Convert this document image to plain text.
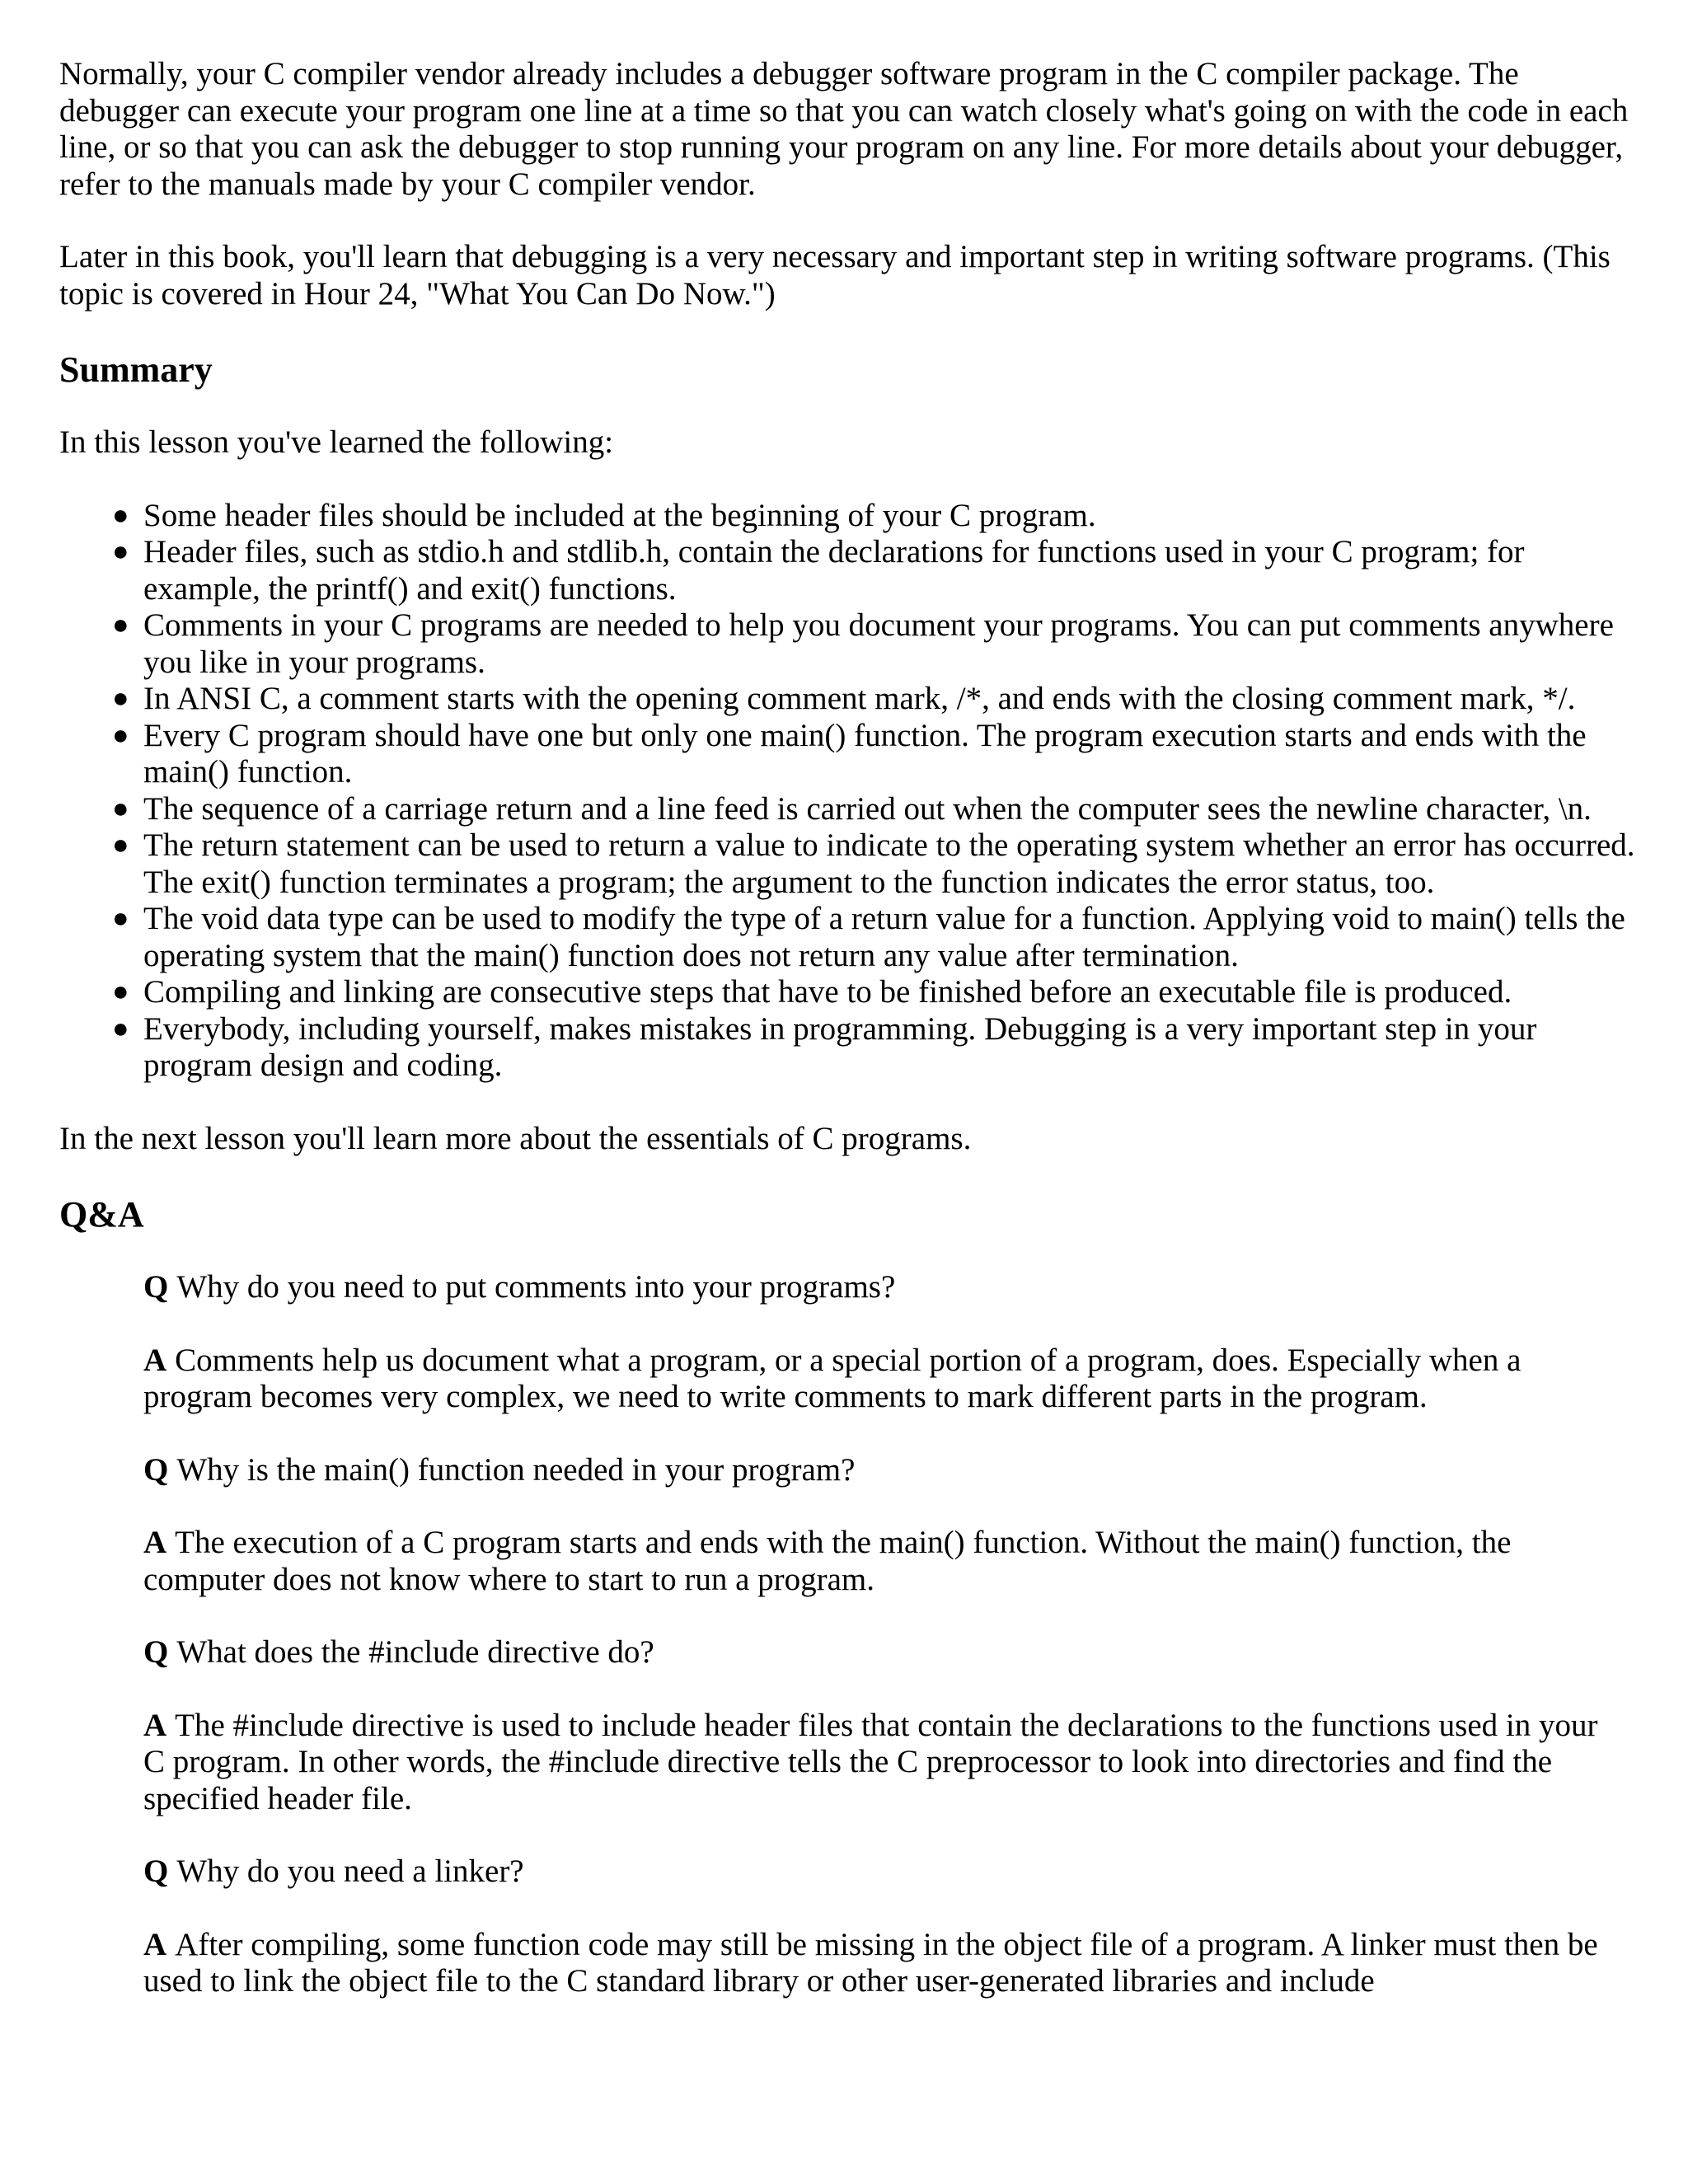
Normally, your C compiler vendor already includes a debugger software program in the C compiler package. The debugger can execute your program one line at a time so that you can watch closely what's going on with the code in each line, or so that you can ask the debugger to stop running your program on any line. For more details about your debugger, refer to the manuals made by your C compiler vendor.

Later in this book, you'll learn that debugging is a very necessary and important step in writing software programs. (This topic is covered in Hour 24, "What You Can Do Now.")

Summary

In this lesson you've learned the following:

● Some header files should be included at the beginning of your C program.
● Header files, such as stdio.h and stdlib.h, contain the declarations for functions used in your C program; for example, the printf() and exit() functions.
● Comments in your C programs are needed to help you document your programs. You can put comments anywhere you like in your programs.
● In ANSI C, a comment starts with the opening comment mark, /*, and ends with the closing comment mark, */.
● Every C program should have one but only one main() function. The program execution starts and ends with the main() function.
● The sequence of a carriage return and a line feed is carried out when the computer sees the newline character, \n.
● The return statement can be used to return a value to indicate to the operating system whether an error has occurred. The exit() function terminates a program; the argument to the function indicates the error status, too.
● The void data type can be used to modify the type of a return value for a function. Applying void to main() tells the operating system that the main() function does not return any value after termination.
● Compiling and linking are consecutive steps that have to be finished before an executable file is produced.
● Everybody, including yourself, makes mistakes in programming. Debugging is a very important step in your program design and coding.

In the next lesson you'll learn more about the essentials of C programs.

Q&A

Q Why do you need to put comments into your programs?

A Comments help us document what a program, or a special portion of a program, does. Especially when a program becomes very complex, we need to write comments to mark different parts in the program.

Q Why is the main() function needed in your program?

A The execution of a C program starts and ends with the main() function. Without the main() function, the computer does not know where to start to run a program.

Q What does the #include directive do?

A The #include directive is used to include header files that contain the declarations to the functions used in your C program. In other words, the #include directive tells the C preprocessor to look into directories and find the specified header file.

Q Why do you need a linker?

A After compiling, some function code may still be missing in the object file of a program. A linker must then be used to link the object file to the C standard library or other user-generated libraries and include
